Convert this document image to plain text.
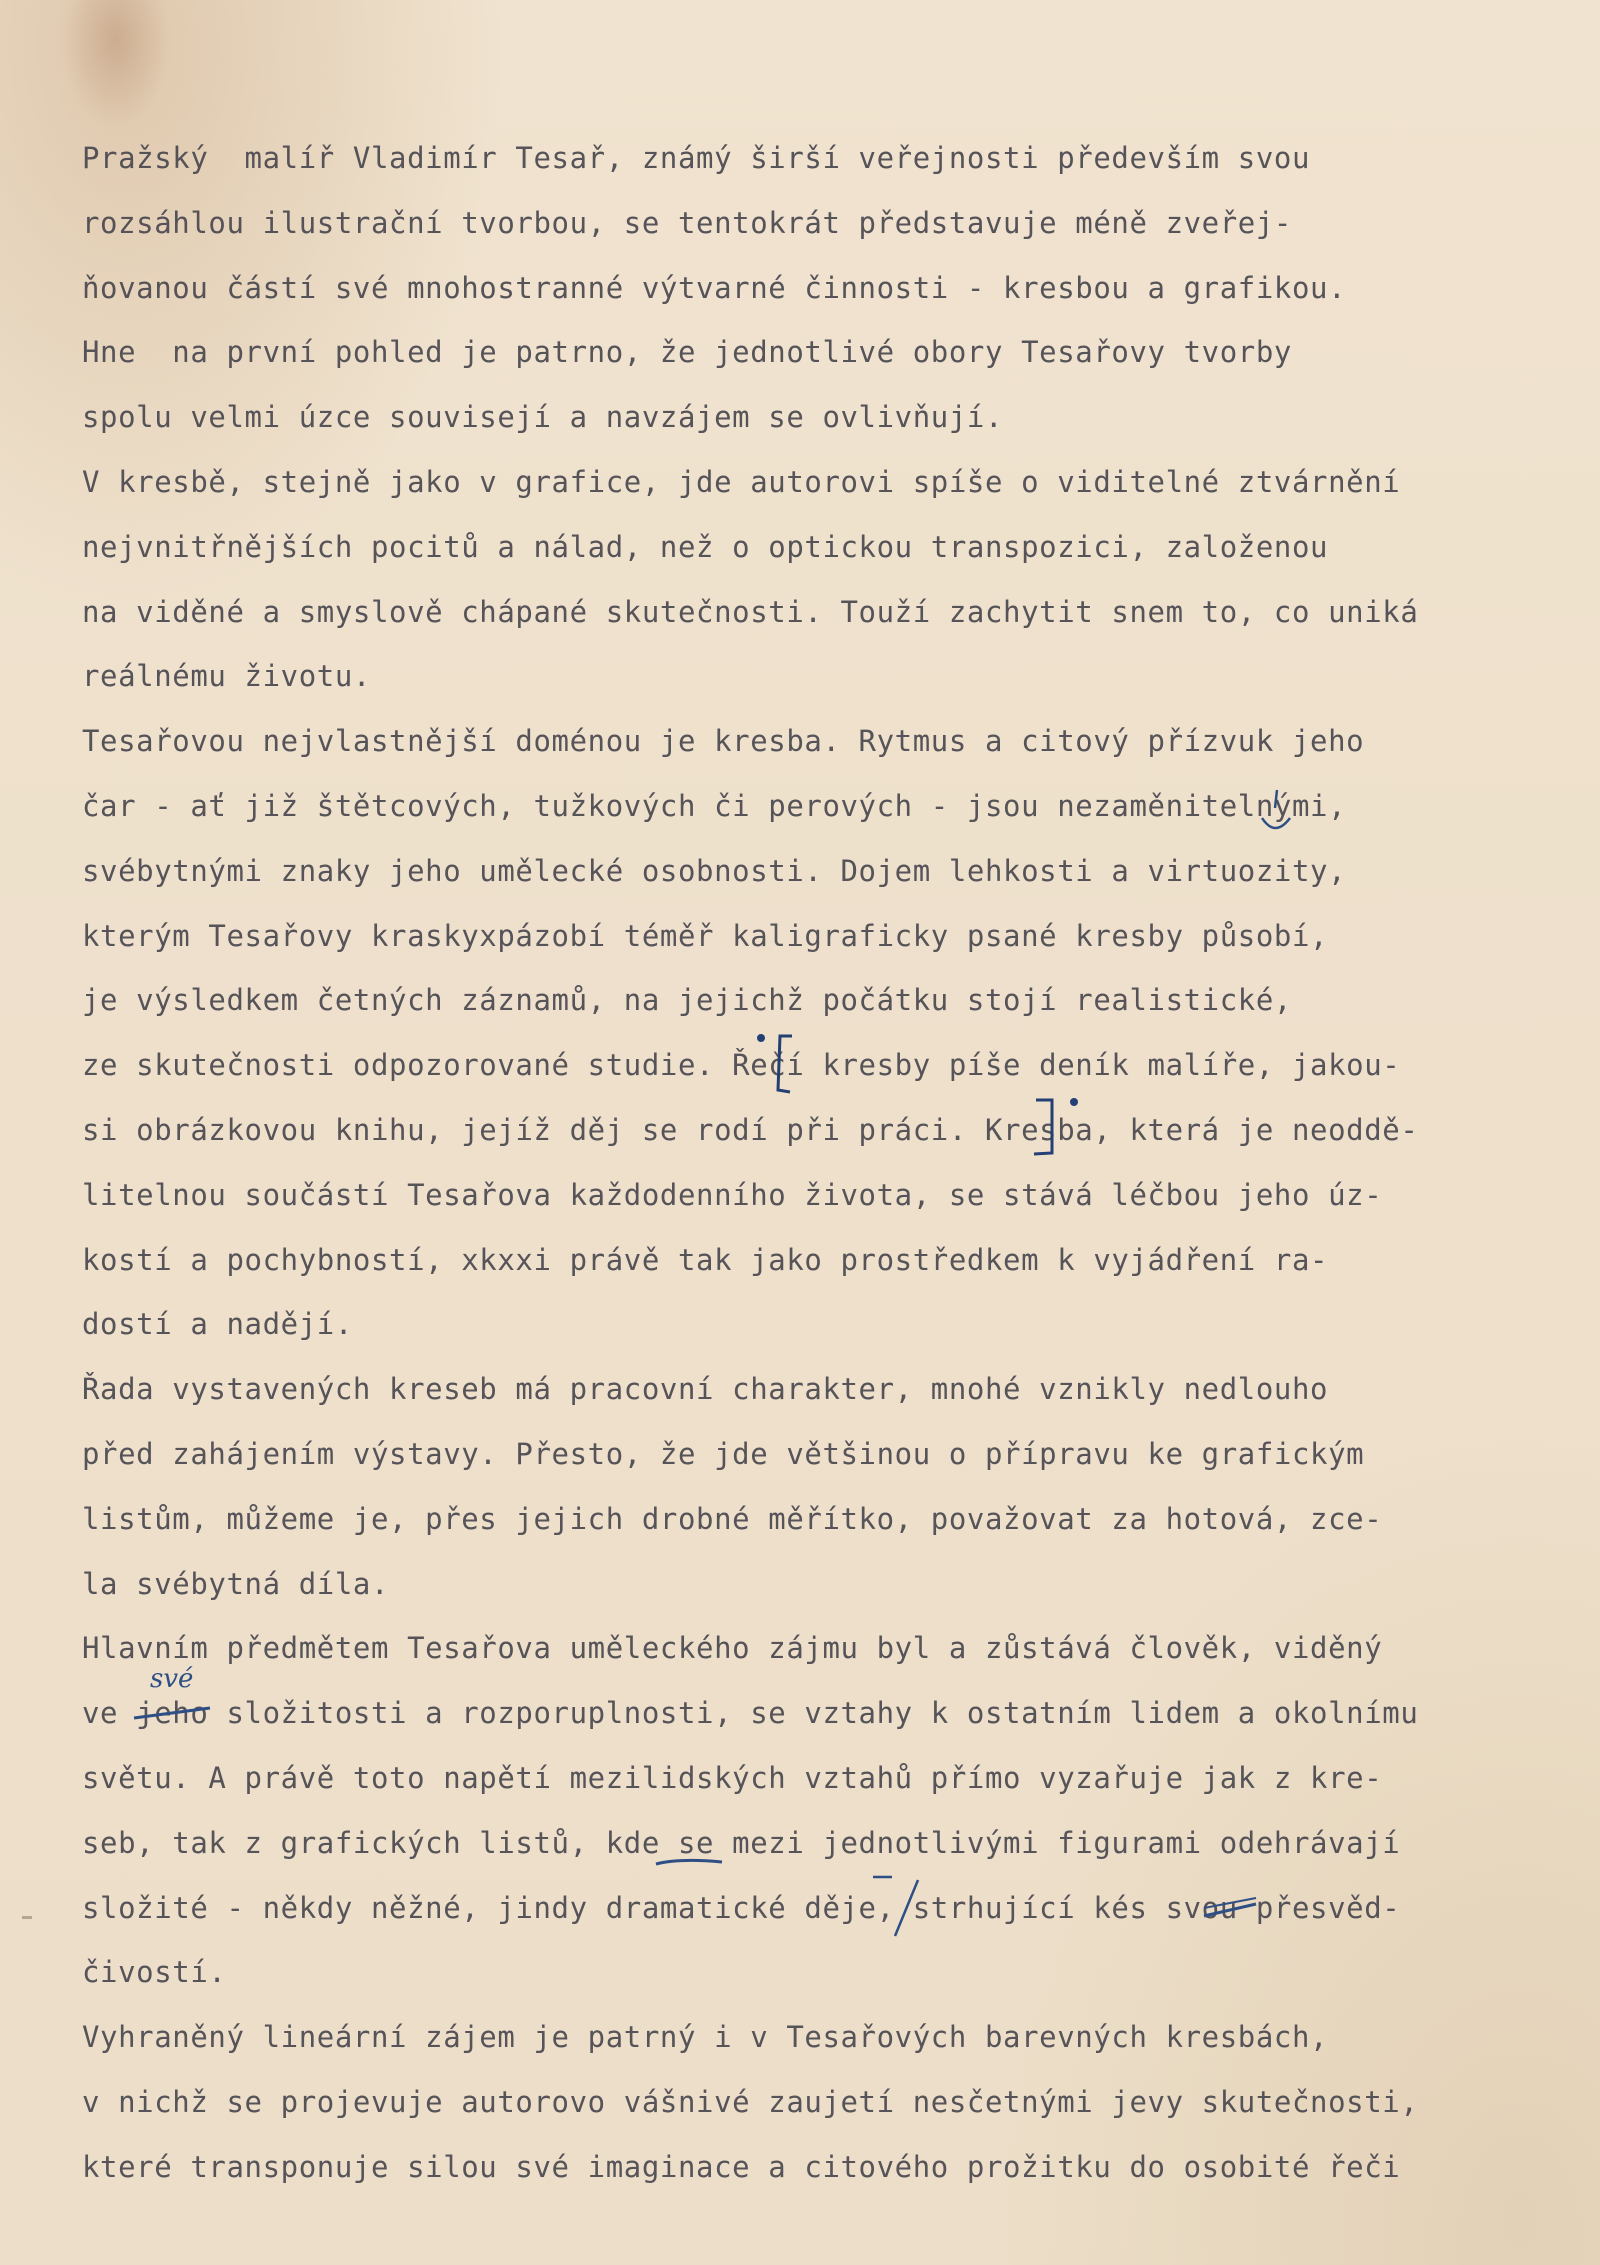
Pražský  malíř Vladimír Tesař, známý širší veřejnosti především svou
rozsáhlou ilustrační tvorbou, se tentokrát představuje méně zveřej-
ňovanou částí své mnohostranné výtvarné činnosti - kresbou a grafikou.
Hne  na první pohled je patrno, že jednotlivé obory Tesařovy tvorby
spolu velmi úzce souvisejí a navzájem se ovlivňují.
V kresbě, stejně jako v grafice, jde autorovi spíše o viditelné ztvárnění
nejvnitřnějších pocitů a nálad, než o optickou transpozici, založenou
na viděné a smyslově chápané skutečnosti. Touží zachytit snem to, co uniká
reálnému životu.
Tesařovou nejvlastnější doménou je kresba. Rytmus a citový přízvuk jeho
čar - ať již štětcových, tužkových či perových - jsou nezaměnitelnými,
svébytnými znaky jeho umělecké osobnosti. Dojem lehkosti a virtuozity,
kterým Tesařovy kraskyxpázobí téměř kaligraficky psané kresby působí,
je výsledkem četných záznamů, na jejichž počátku stojí realistické,
ze skutečnosti odpozorované studie. Řečí kresby píše deník malíře, jakou-
si obrázkovou knihu, jejíž děj se rodí při práci. Kresba, která je neoddě-
litelnou součástí Tesařova každodenního života, se stává léčbou jeho úz-
kostí a pochybností, xkxxi právě tak jako prostředkem k vyjádření ra-
dostí a nadějí.
Řada vystavených kreseb má pracovní charakter, mnohé vznikly nedlouho
před zahájením výstavy. Přesto, že jde většinou o přípravu ke grafickým
listům, můžeme je, přes jejich drobné měřítko, považovat za hotová, zce-
la svébytná díla.
Hlavním předmětem Tesařova uměleckého zájmu byl a zůstává člověk, viděný
ve jeho složitosti a rozporuplnosti, se vztahy k ostatním lidem a okolnímu
světu. A právě toto napětí mezilidských vztahů přímo vyzařuje jak z kre-
seb, tak z grafických listů, kde se mezi jednotlivými figurami odehrávají
složité - někdy něžné, jindy dramatické děje, strhující kés svou přesvěd-
čivostí.
Vyhraněný lineární zájem je patrný i v Tesařových barevných kresbách,
v nichž se projevuje autorovo vášnivé zaujetí nesčetnými jevy skutečnosti,
které transponuje silou své imaginace a citového prožitku do osobité řeči
své
